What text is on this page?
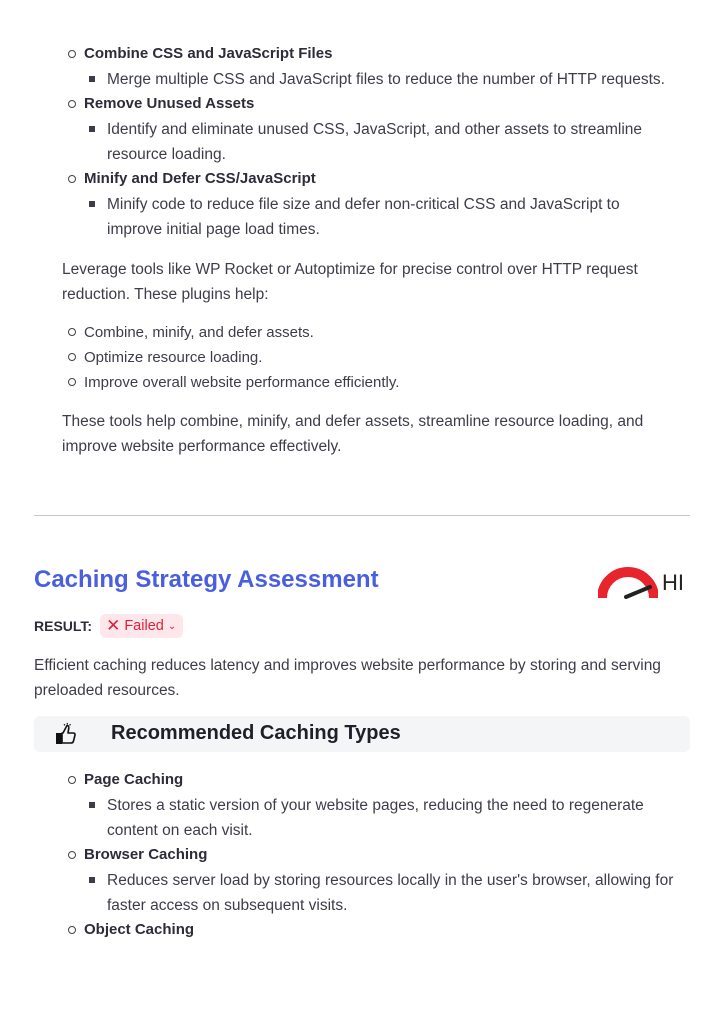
Combine CSS and JavaScript Files
Merge multiple CSS and JavaScript files to reduce the number of HTTP requests.
Remove Unused Assets
Identify and eliminate unused CSS, JavaScript, and other assets to streamline resource loading.
Minify and Defer CSS/JavaScript
Minify code to reduce file size and defer non-critical CSS and JavaScript to improve initial page load times.

Leverage tools like WP Rocket or Autoptimize for precise control over HTTP request reduction. These plugins help:

Combine, minify, and defer assets.
Optimize resource loading.
Improve overall website performance efficiently.

These tools help combine, minify, and defer assets, streamline resource loading, and improve website performance effectively.

Caching Strategy Assessment	HI
RESULT: ✕ Failed ⌄

Efficient caching reduces latency and improves website performance by storing and serving preloaded resources.

Recommended Caching Types
Page Caching
Stores a static version of your website pages, reducing the need to regenerate content on each visit.
Browser Caching
Reduces server load by storing resources locally in the user's browser, allowing for faster access on subsequent visits.
Object Caching
